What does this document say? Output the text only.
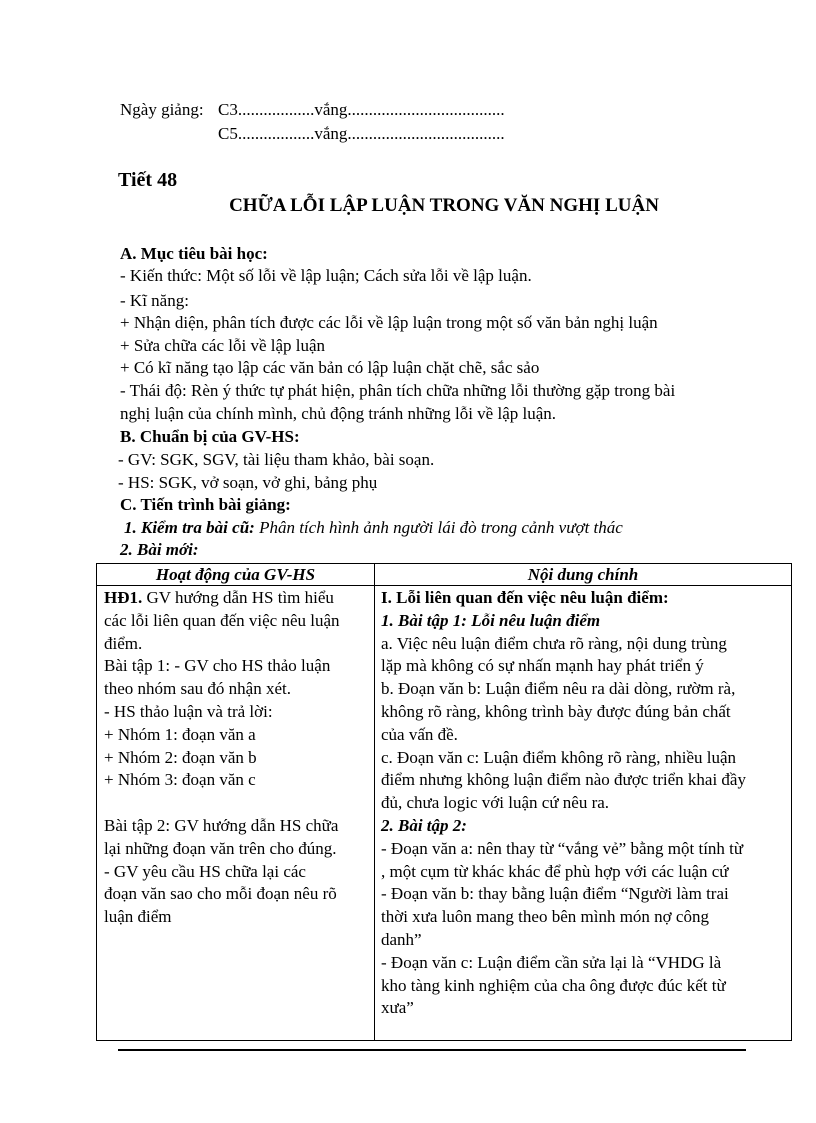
Ngày giảng: C3..................vắng.....................................
C5..................vắng.....................................
Tiết 48
CHỮA LỖI LẬP LUẬN TRONG VĂN NGHỊ LUẬN
A. Mục tiêu bài học:
- Kiến thức: Một số lỗi về lập luận; Cách sửa lỗi về lập luận.
- Kĩ năng:
+ Nhận diện, phân tích được các lỗi về lập luận trong một số văn bản nghị luận
+ Sửa chữa các lỗi về lập luận
+ Có kĩ năng tạo lập các văn bản có lập luận chặt chẽ, sắc sảo
- Thái độ: Rèn ý thức tự phát hiện, phân tích chữa những lỗi thường gặp trong bài
nghị luận của chính mình, chủ động tránh những lỗi về lập luận.
B. Chuẩn bị của GV-HS:
- GV: SGK, SGV, tài liệu tham khảo, bài soạn.
- HS: SGK, vở soạn, vở ghi, bảng phụ
C. Tiến trình bài giảng:
1. Kiểm tra bài cũ: Phân tích hình ảnh người lái đò trong cảnh vượt thác
2. Bài mới:
Hoạt động của GV-HS	Nội dung chính
HĐ1. GV hướng dẫn HS tìm hiểu
các lỗi liên quan đến việc nêu luận
điểm.
Bài tập 1: - GV cho HS thảo luận
theo nhóm sau đó nhận xét.
- HS thảo luận và trả lời:
+ Nhóm 1: đoạn văn a
+ Nhóm 2: đoạn văn b
+ Nhóm 3: đoạn văn c
Bài tập 2: GV hướng dẫn HS chữa
lại những đoạn văn trên cho đúng.
- GV yêu cầu HS chữa lại các
đoạn văn sao cho mỗi đoạn nêu rõ
luận điểm
I. Lỗi liên quan đến việc nêu luận điểm:
1. Bài tập 1: Lỗi nêu luận điểm
a. Việc nêu luận điểm chưa rõ ràng, nội dung trùng
lặp mà không có sự nhấn mạnh hay phát triển ý
b. Đoạn văn b: Luận điểm nêu ra dài dòng, rườm rà,
không rõ ràng, không trình bày được đúng bản chất
của vấn đề.
c. Đoạn văn c: Luận điểm không rõ ràng, nhiều luận
điểm nhưng không luận điểm nào được triển khai đầy
đủ, chưa logic với luận cứ nêu ra.
2. Bài tập 2:
- Đoạn văn a: nên thay từ “vắng vẻ” bằng một tính từ
, một cụm từ khác khác để phù hợp với các luận cứ
- Đoạn văn b: thay bằng luận điểm “Người làm trai
thời xưa luôn mang theo bên mình món nợ công
danh”
- Đoạn văn c: Luận điểm cần sửa lại là “VHDG là
kho tàng kinh nghiệm của cha ông được đúc kết từ
xưa”
